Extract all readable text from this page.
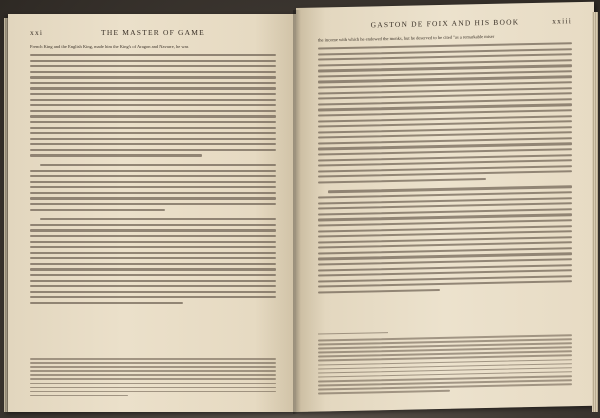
xxi	THE MASTER OF GAME
French King and the English King, made him the King's of Aragon and Navarre, he was
GASTON DE FOIX AND HIS BOOK	xxiii
the income with which he endowed the monks, but he deserved to be cited "as a remarkable miser
